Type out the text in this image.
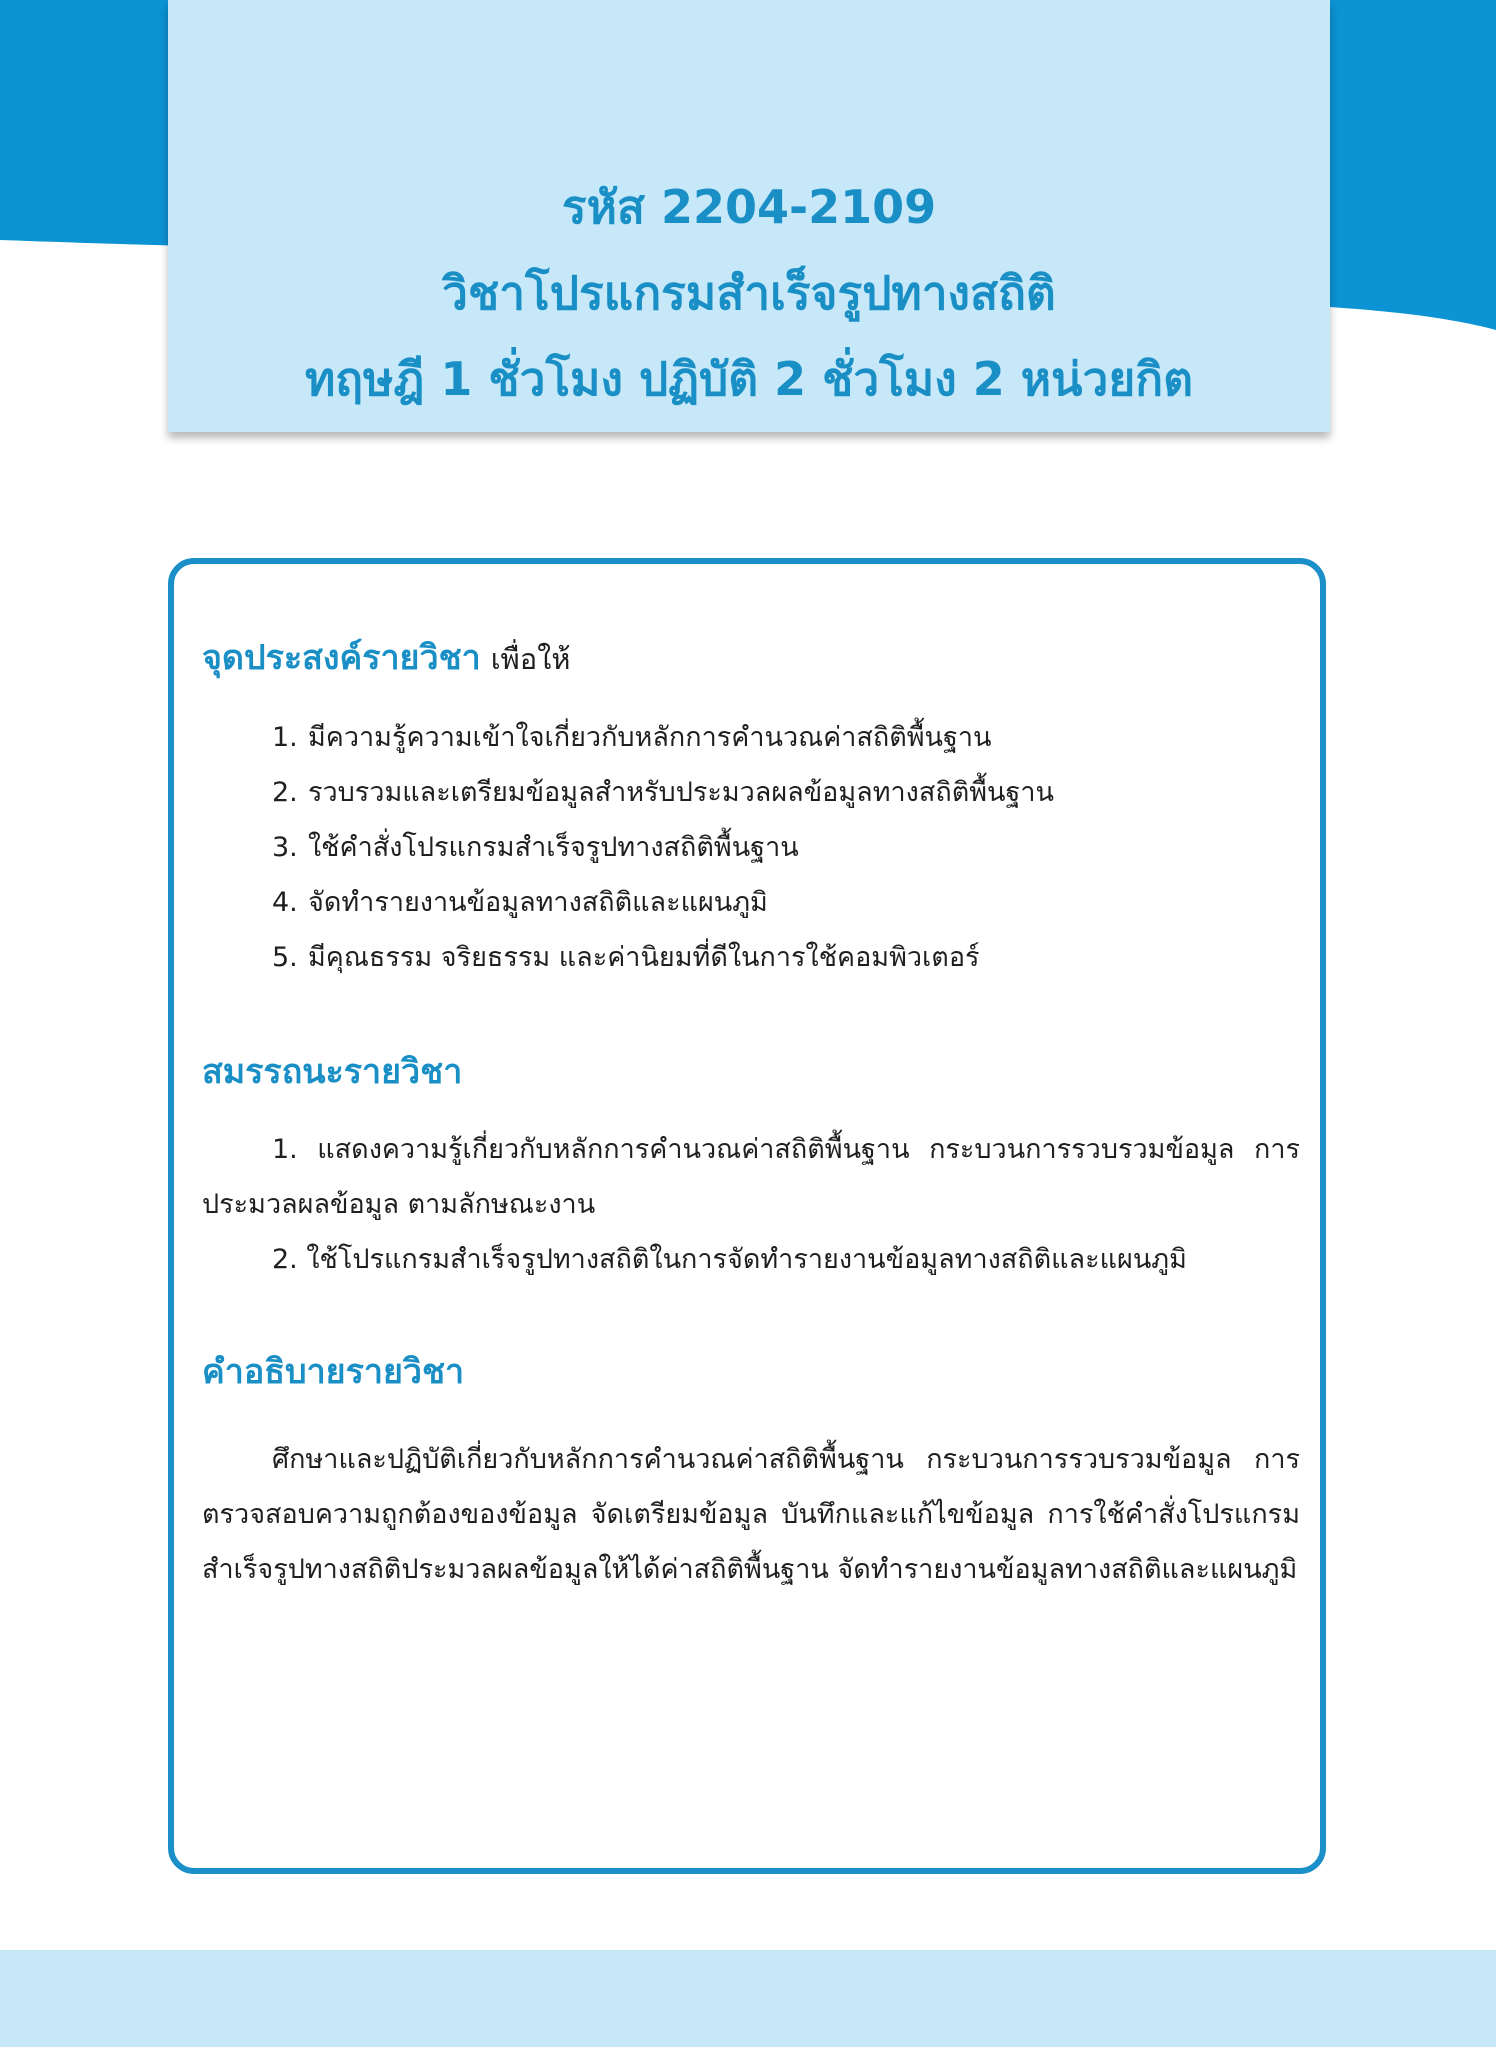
รหัส 2204-2109
วิชาโปรแกรมสำเร็จรูปทางสถิติ
ทฤษฎี 1 ชั่วโมง ปฏิบัติ 2 ชั่วโมง 2 หน่วยกิต
จุดประสงค์รายวิชา เพื่อให้
1. มีความรู้ความเข้าใจเกี่ยวกับหลักการคำนวณค่าสถิติพื้นฐาน
2. รวบรวมและเตรียมข้อมูลสำหรับประมวลผลข้อมูลทางสถิติพื้นฐาน
3. ใช้คำสั่งโปรแกรมสำเร็จรูปทางสถิติพื้นฐาน
4. จัดทำรายงานข้อมูลทางสถิติและแผนภูมิ
5. มีคุณธรรม จริยธรรม และค่านิยมที่ดีในการใช้คอมพิวเตอร์
สมรรถนะรายวิชา
1. แสดงความรู้เกี่ยวกับหลักการคำนวณค่าสถิติพื้นฐาน กระบวนการรวบรวมข้อมูล การประมวลผลข้อมูล ตามลักษณะงาน
2. ใช้โปรแกรมสำเร็จรูปทางสถิติในการจัดทำรายงานข้อมูลทางสถิติและแผนภูมิ
คำอธิบายรายวิชา
ศึกษาและปฏิบัติเกี่ยวกับหลักการคำนวณค่าสถิติพื้นฐาน กระบวนการรวบรวมข้อมูล การตรวจสอบความถูกต้องของข้อมูล จัดเตรียมข้อมูล บันทึกและแก้ไขข้อมูล การใช้คำสั่งโปรแกรมสำเร็จรูปทางสถิติประมวลผลข้อมูลให้ได้ค่าสถิติพื้นฐาน จัดทำรายงานข้อมูลทางสถิติและแผนภูมิ
